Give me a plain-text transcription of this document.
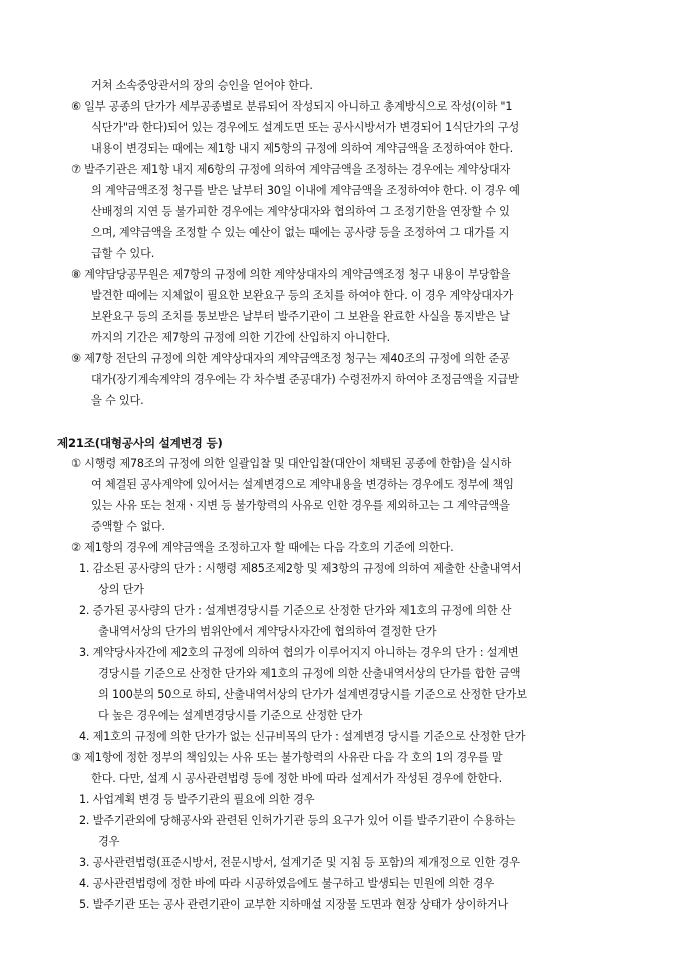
거쳐 소속중앙관서의 장의 승인을 얻어야 한다.
⑥ 일부 공종의 단가가 세부공종별로 분류되어 작성되지 아니하고 총계방식으로 작성(이하 "1
식단가"라 한다)되어 있는 경우에도 설계도면 또는 공사시방서가 변경되어 1식단가의 구성
내용이 변경되는 때에는 제1항 내지 제5항의 규정에 의하여 계약금액을 조정하여야 한다.
⑦ 발주기관은 제1항 내지 제6항의 규정에 의하여 계약금액을 조정하는 경우에는 계약상대자
의 계약금액조정 청구를 받은 날부터 30일 이내에 계약금액을 조정하여야 한다. 이 경우 예
산배정의 지연 등 불가피한 경우에는 계약상대자와 협의하여 그 조정기한을 연장할 수 있
으며, 계약금액을 조정할 수 있는 예산이 없는 때에는 공사량 등을 조정하여 그 대가를 지
급할 수 있다.
⑧ 계약담당공무원은 제7항의 규정에 의한 계약상대자의 계약금액조정 청구 내용이 부당함을
발견한 때에는 지체없이 필요한 보완요구 등의 조치를 하여야 한다. 이 경우 계약상대자가
보완요구 등의 조치를 통보받은 날부터 발주기관이 그 보완을 완료한 사실을 통지받은 날
까지의 기간은 제7항의 규정에 의한 기간에 산입하지 아니한다.
⑨ 제7항 전단의 규정에 의한 계약상대자의 계약금액조정 청구는 제40조의 규정에 의한 준공
대가(장기계속계약의 경우에는 각 차수별 준공대가) 수령전까지 하여야 조정금액을 지급받
을 수 있다.
제21조(대형공사의 설계변경 등)
① 시행령 제78조의 규정에 의한 일괄입찰 및 대안입찰(대안이 채택된 공종에 한함)을 실시하
여 체결된 공사계약에 있어서는 설계변경으로 계약내용을 변경하는 경우에도 정부에 책임
있는 사유 또는 천재ㆍ지변 등 불가항력의 사유로 인한 경우를 제외하고는 그 계약금액을
증액할 수 없다.
② 제1항의 경우에 계약금액을 조정하고자 할 때에는 다음 각호의 기준에 의한다.
1. 감소된 공사량의 단가 : 시행령 제85조제2항 및 제3항의 규정에 의하여 제출한 산출내역서
상의 단가
2. 증가된 공사량의 단가 : 설계변경당시를 기준으로 산정한 단가와 제1호의 규정에 의한 산
출내역서상의 단가의 범위안에서 계약당사자간에 협의하여 결정한 단가
3. 계약당사자간에 제2호의 규정에 의하여 협의가 이루어지지 아니하는 경우의 단가 : 설계변
경당시를 기준으로 산정한 단가와 제1호의 규정에 의한 산출내역서상의 단가를 합한 금액
의 100분의 50으로 하되, 산출내역서상의 단가가 설계변경당시를 기준으로 산정한 단가보
다 높은 경우에는 설계변경당시를 기준으로 산정한 단가
4. 제1호의 규정에 의한 단가가 없는 신규비목의 단가 : 설계변경 당시를 기준으로 산정한 단가
③ 제1항에 정한 정부의 책임있는 사유 또는 불가항력의 사유란 다음 각 호의 1의 경우를 말
한다. 다만, 설계 시 공사관련법령 등에 정한 바에 따라 설계서가 작성된 경우에 한한다.
1. 사업계획 변경 등 발주기관의 필요에 의한 경우
2. 발주기관외에 당해공사와 관련된 인허가기관 등의 요구가 있어 이를 발주기관이 수용하는
경우
3. 공사관련법령(표준시방서, 전문시방서, 설계기준 및 지침 등 포함)의 제개정으로 인한 경우
4. 공사관련법령에 정한 바에 따라 시공하였음에도 불구하고 발생되는 민원에 의한 경우
5. 발주기관 또는 공사 관련기관이 교부한 지하매설 지장물 도면과 현장 상태가 상이하거나
